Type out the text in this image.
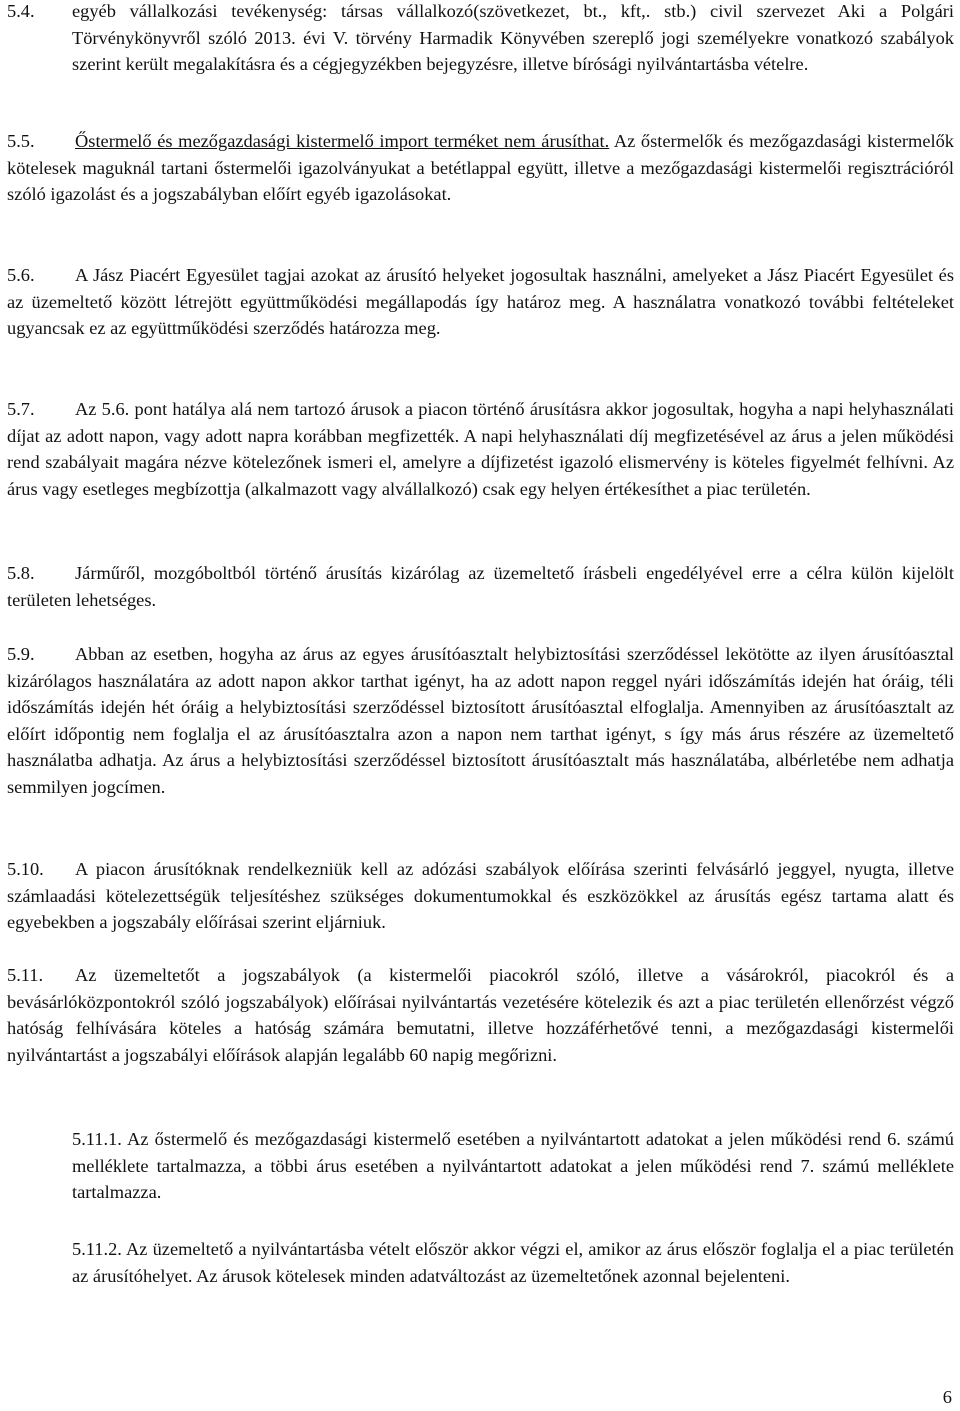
5.4.	egyéb vállalkozási tevékenység: társas vállalkozó(szövetkezet, bt., kft,. stb.) civil szervezet Aki a Polgári Törvénykönyvről szóló 2013. évi V. törvény Harmadik Könyvében szereplő jogi személyekre vonatkozó szabályok szerint került megalakításra és a cégjegyzékben bejegyzésre, illetve bírósági nyilvántartásba vételre.

5.5. Őstermelő és mezőgazdasági kistermelő import terméket nem árusíthat. Az őstermelők és mezőgazdasági kistermelők kötelesek maguknál tartani őstermelői igazolványukat a betétlappal együtt, illetve a mezőgazdasági kistermelői regisztrációról szóló igazolást és a jogszabályban előírt egyéb igazolásokat.

5.6. A Jász Piacért Egyesület tagjai azokat az árusító helyeket jogosultak használni, amelyeket a Jász Piacért Egyesület és az üzemeltető között létrejött együttműködési megállapodás így határoz meg. A használatra vonatkozó további feltételeket ugyancsak ez az együttműködési szerződés határozza meg.

5.7. Az 5.6. pont hatálya alá nem tartozó árusok a piacon történő árusításra akkor jogosultak, hogyha a napi helyhasználati díjat az adott napon, vagy adott napra korábban megfizették. A napi helyhasználati díj megfizetésével az árus a jelen működési rend szabályait magára nézve kötelezőnek ismeri el, amelyre a díjfizetést igazoló elismervény is köteles figyelmét felhívni. Az árus vagy esetleges megbízottja (alkalmazott vagy alvállalkozó) csak egy helyen értékesíthet a piac területén.

5.8. Járműről, mozgóboltból történő árusítás kizárólag az üzemeltető írásbeli engedélyével erre a célra külön kijelölt területen lehetséges.

5.9. Abban az esetben, hogyha az árus az egyes árusítóasztalt helybiztosítási szerződéssel lekötötte az ilyen árusítóasztal kizárólagos használatára az adott napon akkor tarthat igényt, ha az adott napon reggel nyári időszámítás idején hat óráig, téli időszámítás idején hét óráig a helybiztosítási szerződéssel biztosított árusítóasztal elfoglalja. Amennyiben az árusítóasztalt az előírt időpontig nem foglalja el az árusítóasztalra azon a napon nem tarthat igényt, s így más árus részére az üzemeltető használatba adhatja. Az árus a helybiztosítási szerződéssel biztosított árusítóasztalt más használatába, albérletébe nem adhatja semmilyen jogcímen.

5.10. A piacon árusítóknak rendelkezniük kell az adózási szabályok előírása szerinti felvásárló jeggyel, nyugta, illetve számlaadási kötelezettségük teljesítéshez szükséges dokumentumokkal és eszközökkel az árusítás egész tartama alatt és egyebekben a jogszabály előírásai szerint eljárniuk.

5.11. Az üzemeltetőt a jogszabályok (a kistermelői piacokról szóló, illetve a vásárokról, piacokról és a bevásárlóközpontokról szóló jogszabályok) előírásai nyilvántartás vezetésére kötelezik és azt a piac területén ellenőrzést végző hatóság felhívására köteles a hatóság számára bemutatni, illetve hozzáférhetővé tenni, a mezőgazdasági kistermelői nyilvántartást a jogszabályi előírások alapján legalább 60 napig megőrizni.

5.11.1. Az őstermelő és mezőgazdasági kistermelő esetében a nyilvántartott adatokat a jelen működési rend 6. számú melléklete tartalmazza, a többi árus esetében a nyilvántartott adatokat a jelen működési rend 7. számú melléklete tartalmazza.

5.11.2. Az üzemeltető a nyilvántartásba vételt először akkor végzi el, amikor az árus először foglalja el a piac területén az árusítóhelyet. Az árusok kötelesek minden adatváltozást az üzemeltetőnek azonnal bejelenteni.

6
